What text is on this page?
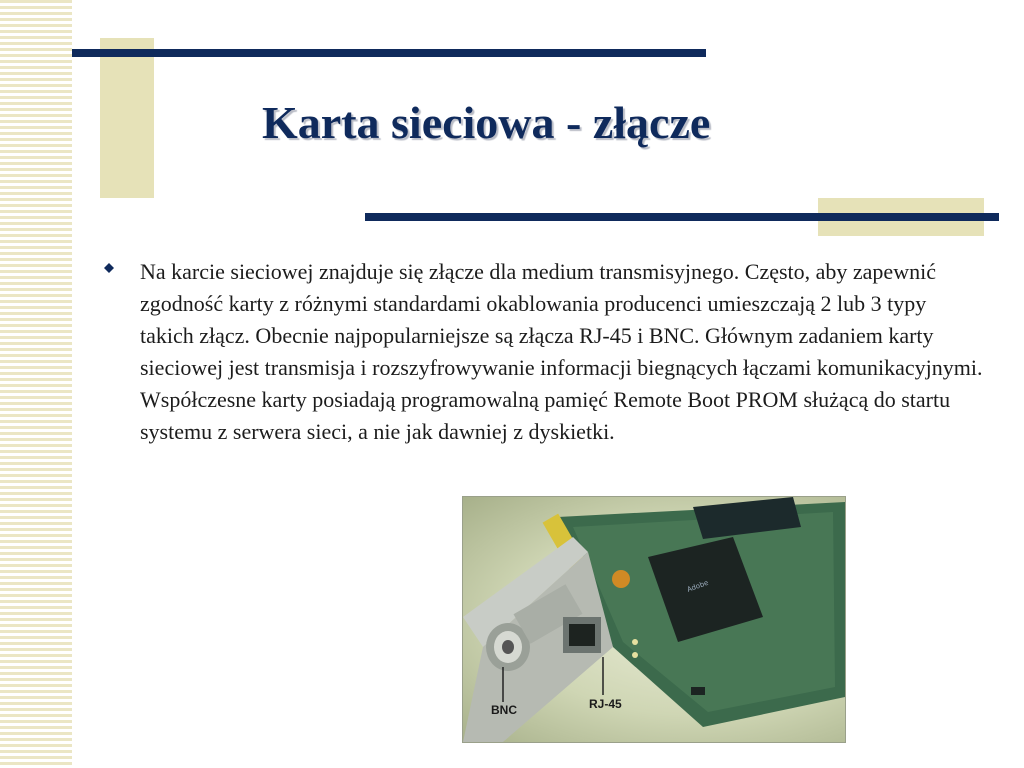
Karta sieciowa - złącze

Na karcie sieciowej znajduje się złącze dla medium transmisyjnego. Często, aby zapewnić zgodność karty z różnymi standardami okablowania producenci umieszczają 2 lub 3 typy takich złącz. Obecnie najpopularniejsze są złącza RJ-45 i BNC. Głównym zadaniem karty sieciowej jest transmisja i rozszyfrowywanie informacji biegnących łączami komunikacyjnymi. Współczesne karty posiadają programowalną pamięć Remote Boot PROM służącą do startu systemu z serwera sieci, a nie jak dawniej z dyskietki.

Adobe
BNC	RJ-45
